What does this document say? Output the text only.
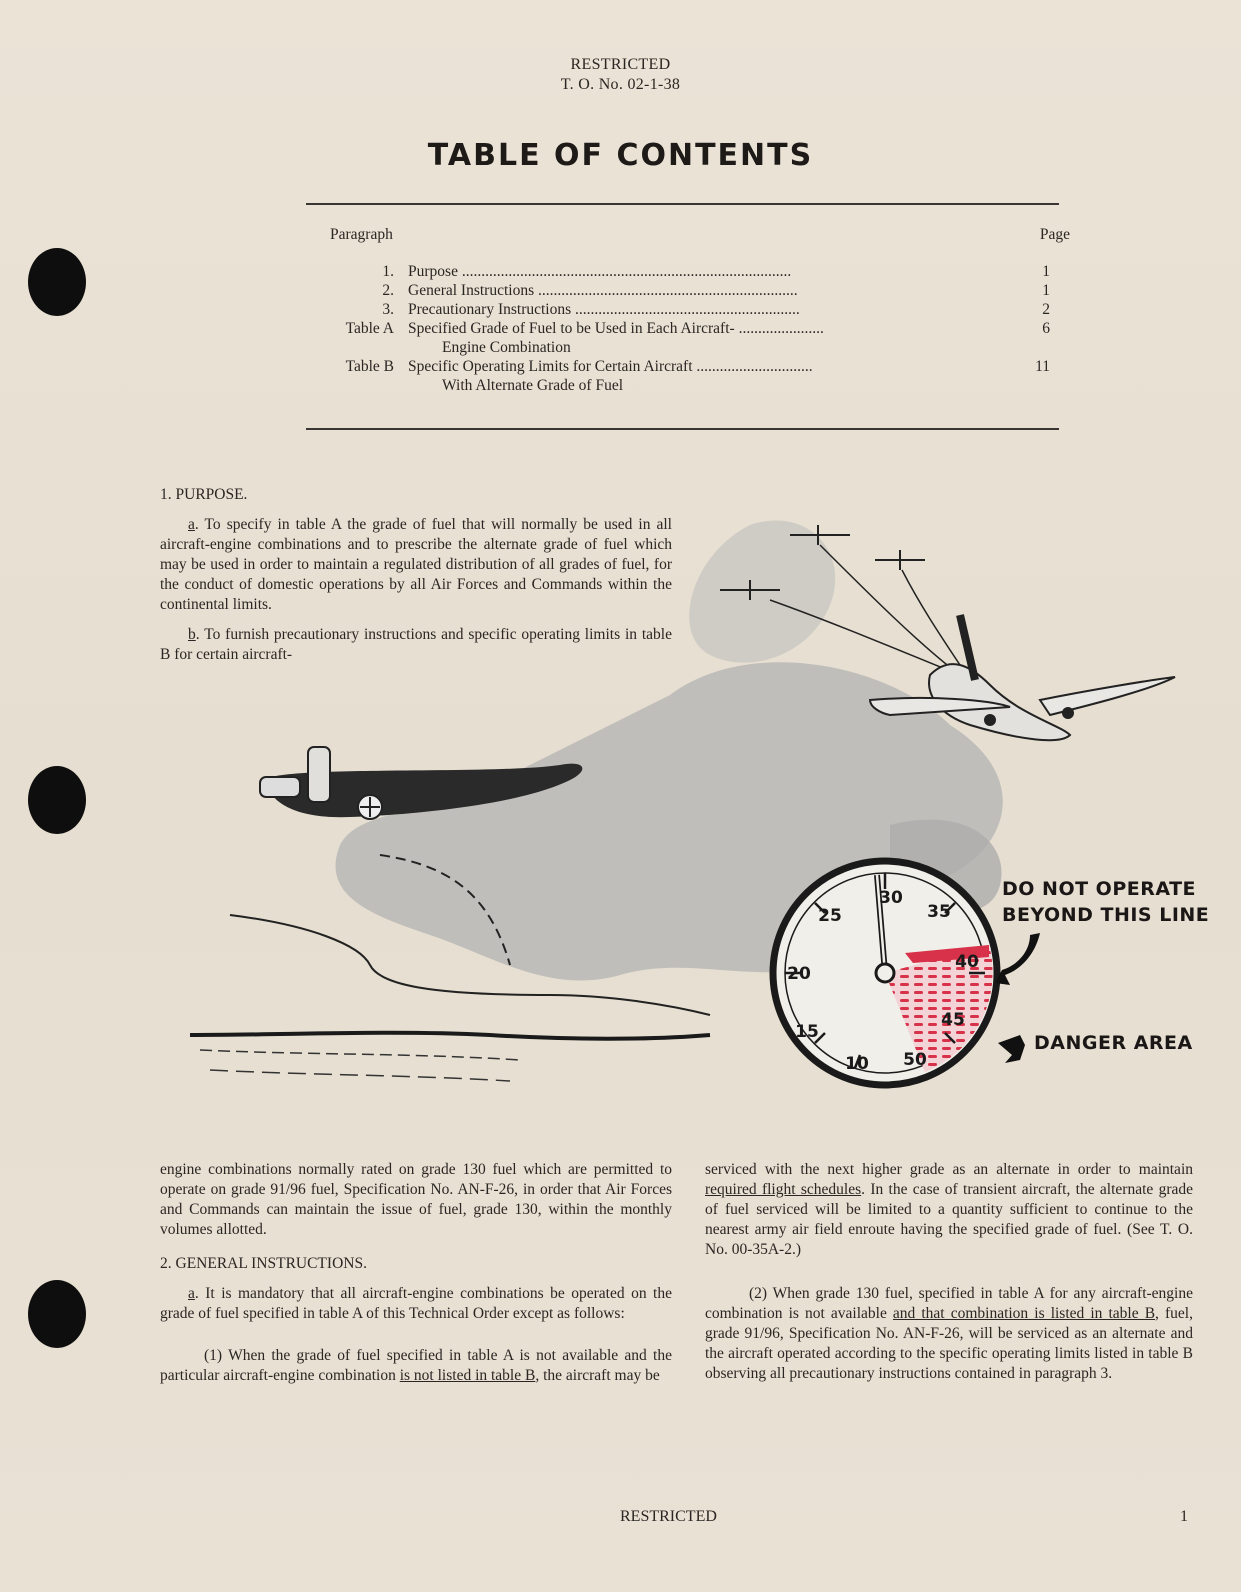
RESTRICTED
T. O. No. 02-1-38
TABLE OF CONTENTS
Paragraph	Page
1. Purpose .....................................................................................	1
2. General Instructions ...................................................................	1
3. Precautionary Instructions ..........................................................	2
Table A Specified Grade of Fuel to be Used in Each Aircraft- ......................	6
Engine Combination
Table B Specific Operating Limits for Certain Aircraft ..............................	11
With Alternate Grade of Fuel

1. PURPOSE.

a. To specify in table A the grade of fuel that will normally be used in all aircraft-engine combinations and to prescribe the alternate grade of fuel which may be used in order to maintain a regulated distribution of all grades of fuel, for the conduct of domestic operations by all Air Forces and Commands within the continental limits.

b. To furnish precautionary instructions and specific operating limits in table B for certain aircraft-

10
15
20
25
30
35
40
45
50
DO NOT OPERATE
BEYOND THIS LINE
DANGER AREA

engine combinations normally rated on grade 130 fuel which are permitted to operate on grade 91/96 fuel, Specification No. AN-F-26, in order that Air Forces and Commands can maintain the issue of fuel, grade 130, within the monthly volumes allotted.

2. GENERAL INSTRUCTIONS.

a. It is mandatory that all aircraft-engine combinations be operated on the grade of fuel specified in table A of this Technical Order except as follows:

(1) When the grade of fuel specified in table A is not available and the particular aircraft-engine combination is not listed in table B, the aircraft may be

serviced with the next higher grade as an alternate in order to maintain required flight schedules. In the case of transient aircraft, the alternate grade of fuel serviced will be limited to a quantity sufficient to continue to the nearest army air field enroute having the specified grade of fuel. (See T. O. No. 00-35A-2.)

(2) When grade 130 fuel, specified in table A for any aircraft-engine combination is not available and that combination is listed in table B, fuel, grade 91/96, Specification No. AN-F-26, will be serviced as an alternate and the aircraft operated according to the specific operating limits listed in table B observing all precautionary instructions contained in paragraph 3.

RESTRICTED	1
